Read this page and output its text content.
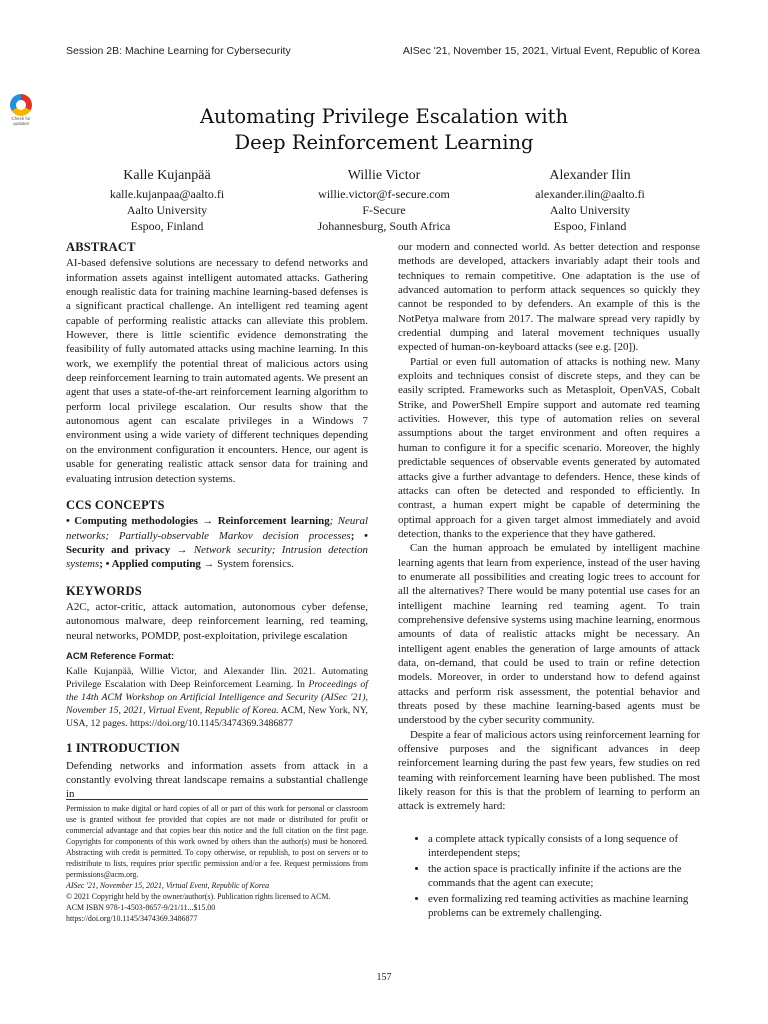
Session 2B: Machine Learning for Cybersecurity	AISec '21, November 15, 2021, Virtual Event, Republic of Korea
Check for updates	Automating Privilege Escalation with
Deep Reinforcement Learning
Kalle Kujanpää
kalle.kujanpaa@aalto.fi
Aalto University
Espoo, Finland
Willie Victor
willie.victor@f-secure.com
F-Secure
Johannesburg, South Africa
Alexander Ilin
alexander.ilin@aalto.fi
Aalto University
Espoo, Finland
ABSTRACT

AI-based defensive solutions are necessary to defend networks and information assets against intelligent automated attacks. Gathering enough realistic data for training machine learning-based defenses is a significant practical challenge. An intelligent red teaming agent capable of performing realistic attacks can alleviate this problem. However, there is little scientific evidence demonstrating the feasibility of fully automated attacks using machine learning. In this work, we exemplify the potential threat of malicious actors using deep reinforcement learning to train automated agents. We present an agent that uses a state-of-the-art reinforcement learning algorithm to perform local privilege escalation. Our results show that the autonomous agent can escalate privileges in a Windows 7 environment using a wide variety of different techniques depending on the environment configuration it encounters. Hence, our agent is usable for generating realistic attack sensor data for training and evaluating intrusion detection systems.

CCS CONCEPTS

• Computing methodologies → Reinforcement learning; Neural networks; Partially-observable Markov decision processes; • Security and privacy → Network security; Intrusion detection systems; • Applied computing → System forensics.

KEYWORDS

A2C, actor-critic, attack automation, autonomous cyber defense, autonomous malware, deep reinforcement learning, red teaming, neural networks, POMDP, post-exploitation, privilege escalation

ACM Reference Format:

Kalle Kujanpää, Willie Victor, and Alexander Ilin. 2021. Automating Privilege Escalation with Deep Reinforcement Learning. In Proceedings of the 14th ACM Workshop on Artificial Intelligence and Security (AISec '21), November 15, 2021, Virtual Event, Republic of Korea. ACM, New York, NY, USA, 12 pages. https://doi.org/10.1145/3474369.3486877

1 INTRODUCTION

Defending networks and information assets from attack in a constantly evolving threat landscape remains a substantial challenge in

Permission to make digital or hard copies of all or part of this work for personal or classroom use is granted without fee provided that copies are not made or distributed for profit or commercial advantage and that copies bear this notice and the full citation on the first page. Copyrights for components of this work owned by others than the author(s) must be honored. Abstracting with credit is permitted. To copy otherwise, or republish, to post on servers or to redistribute to lists, requires prior specific permission and/or a fee. Request permissions from permissions@acm.org.

AISec '21, November 15, 2021, Virtual Event, Republic of Korea

© 2021 Copyright held by the owner/author(s). Publication rights licensed to ACM.

ACM ISBN 978-1-4503-8657-9/21/11...$15.00

https://doi.org/10.1145/3474369.3486877

our modern and connected world. As better detection and response methods are developed, attackers invariably adapt their tools and techniques to remain competitive. One adaptation is the use of advanced automation to perform attack sequences so quickly they cannot be responded to by defenders. An example of this is the NotPetya malware from 2017. The malware spread very rapidly by credential dumping and lateral movement techniques usually expected of human-on-keyboard attacks (see e.g. [20]).

Partial or even full automation of attacks is nothing new. Many exploits and techniques consist of discrete steps, and they can be easily scripted. Frameworks such as Metasploit, OpenVAS, Cobalt Strike, and PowerShell Empire support and automate red teaming activities. However, this type of automation relies on several assumptions about the target environment and often requires a human to configure it for a specific scenario. Moreover, the highly predictable sequences of observable events generated by automated attacks give a further advantage to defenders. Hence, these kinds of attacks can often be detected and responded to efficiently. In contrast, a human expert might be capable of determining the optimal approach for a given target almost immediately and avoid detection, thanks to the experience that they have gathered.

Can the human approach be emulated by intelligent machine learning agents that learn from experience, instead of the user having to enumerate all possibilities and creating logic trees to account for all the alternatives? There would be many potential use cases for an intelligent machine learning red teaming agent. To train comprehensive defensive systems using machine learning, enormous amounts of data of realistic attacks might be necessary. An intelligent agent enables the generation of large amounts of attack data, on-demand, that could be used to train or refine detection models. Moreover, in order to understand how to defend against attacks and perform risk assessment, the potential behavior and threats posed by these machine learning-based agents must be understood by the cyber security community.

Despite a fear of malicious actors using reinforcement learning for offensive purposes and the significant advances in deep reinforcement learning during the past few years, few studies on red teaming with reinforcement learning have been published. The most likely reason for this is that the problem of learning to perform an attack is extremely hard:

• a complete attack typically consists of a long sequence of interdependent steps;
• the action space is practically infinite if the actions are the commands that the agent can execute;
• even formalizing red teaming activities as machine learning problems can be extremely challenging.
157
